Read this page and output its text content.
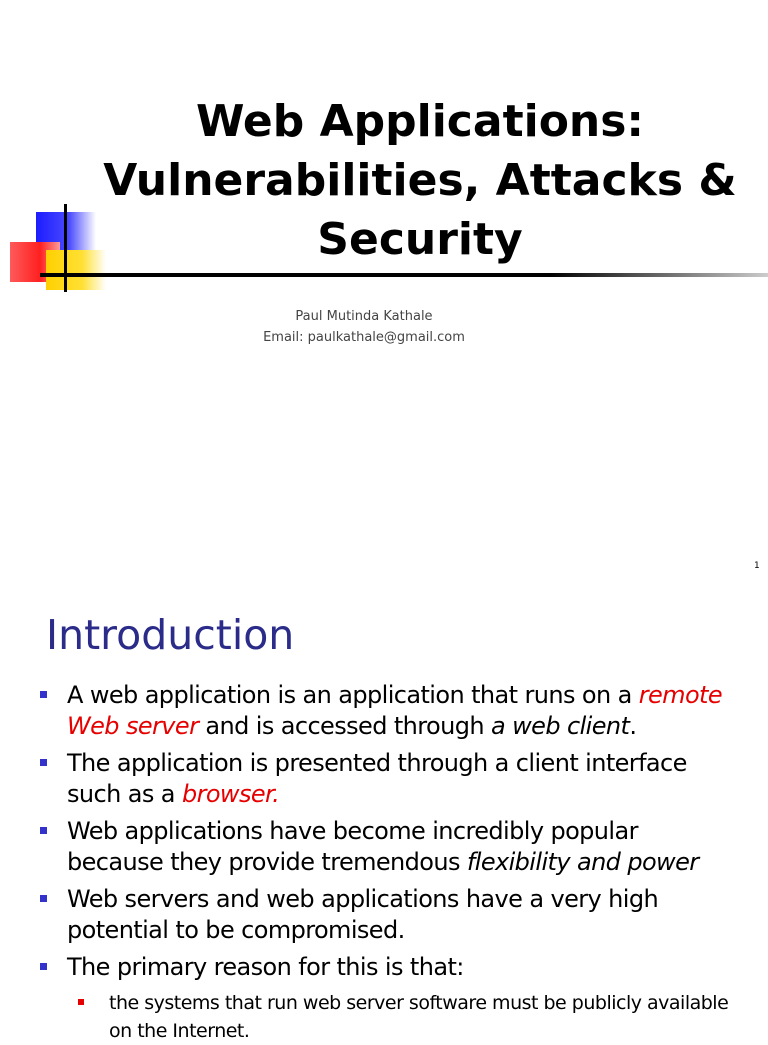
Web Applications:
Vulnerabilities, Attacks &
Security
Paul Mutinda Kathale
Email: paulkathale@gmail.com
1
Introduction
A web application is an application that runs on a remote Web server and is accessed through a web client.
The application is presented through a client interface such as a browser.
Web applications have become incredibly popular because they provide tremendous flexibility and power
Web servers and web applications have a very high potential to be compromised.
The primary reason for this is that:
the systems that run web server software must be publicly available on the Internet.
